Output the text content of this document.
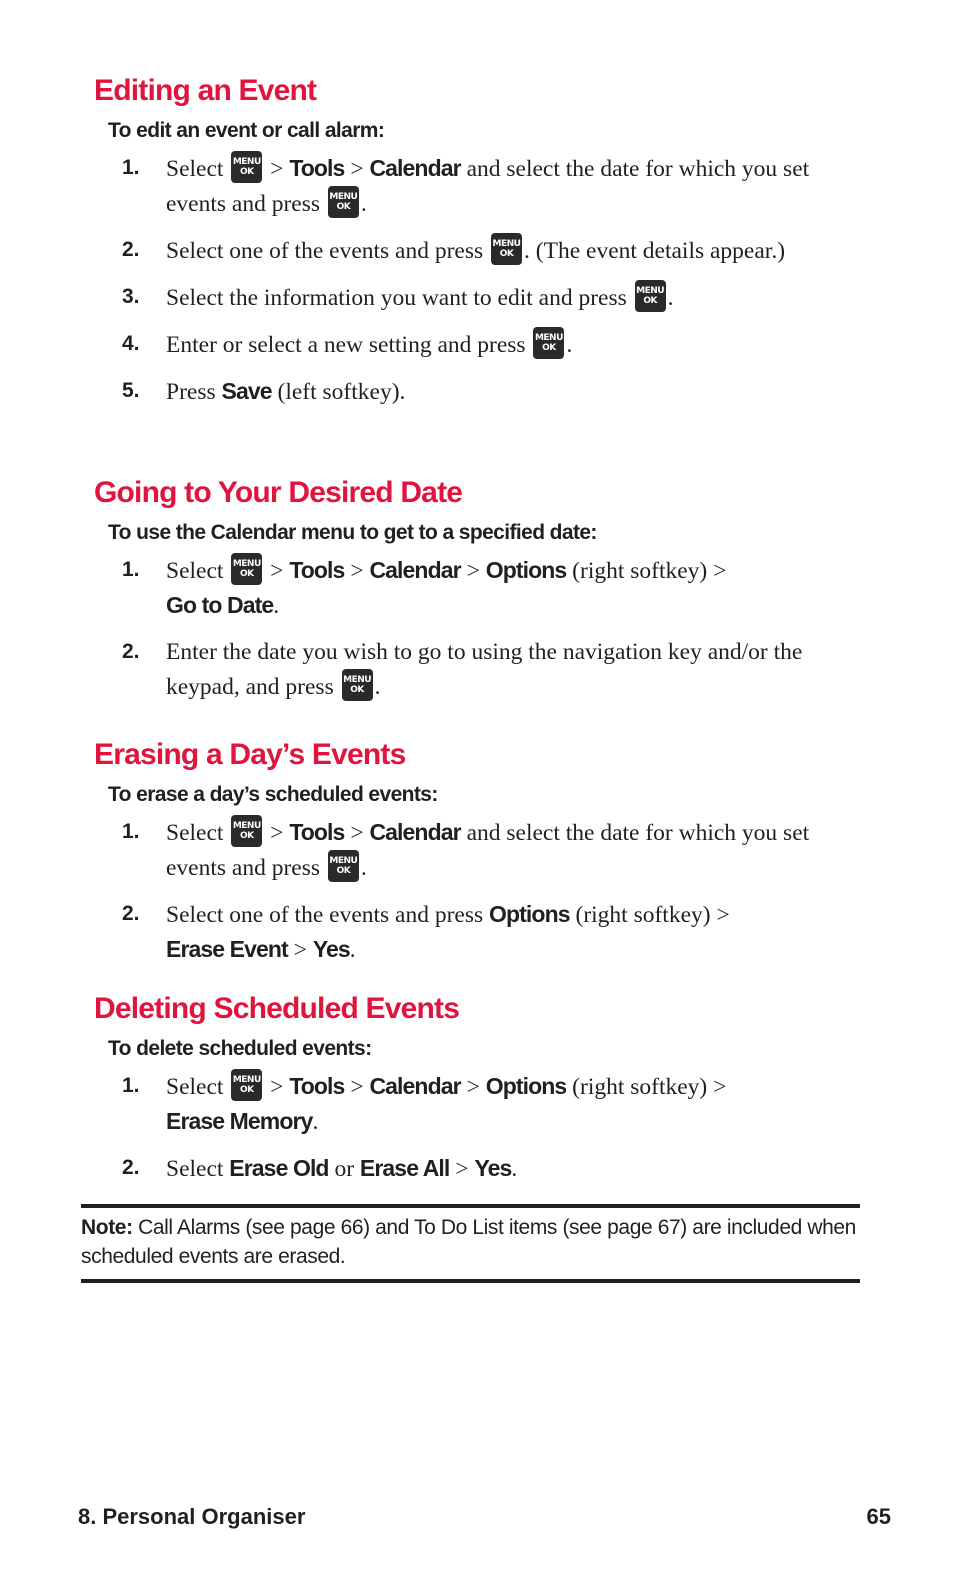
Editing an Event
To edit an event or call alarm:
1. Select MENU
OK > Tools > Calendar and select the date for which you set events and press MENU
OK .
2. Select one of the events and press MENU
OK . (The event details appear.)
3. Select the information you want to edit and press MENU
OK .
4. Enter or select a new setting and press MENU
OK .
5. Press Save (left softkey).
Going to Your Desired Date
To use the Calendar menu to get to a specified date:
1. Select MENU
OK > Tools > Calendar > Options (right softkey) >
Go to Date.
2. Enter the date you wish to go to using the navigation key and/or the keypad, and press MENU
OK .
Erasing a Day’s Events
To erase a day’s scheduled events:
1. Select MENU
OK > Tools > Calendar and select the date for which you set events and press MENU
OK .
2. Select one of the events and press Options (right softkey) >
Erase Event > Yes.
Deleting Scheduled Events
To delete scheduled events:
1. Select MENU
OK > Tools > Calendar > Options (right softkey) >
Erase Memory.
2. Select Erase Old or Erase All > Yes.
Note: Call Alarms (see page 66) and To Do List items (see page 67) are included when scheduled events are erased.
8. Personal Organiser	65
